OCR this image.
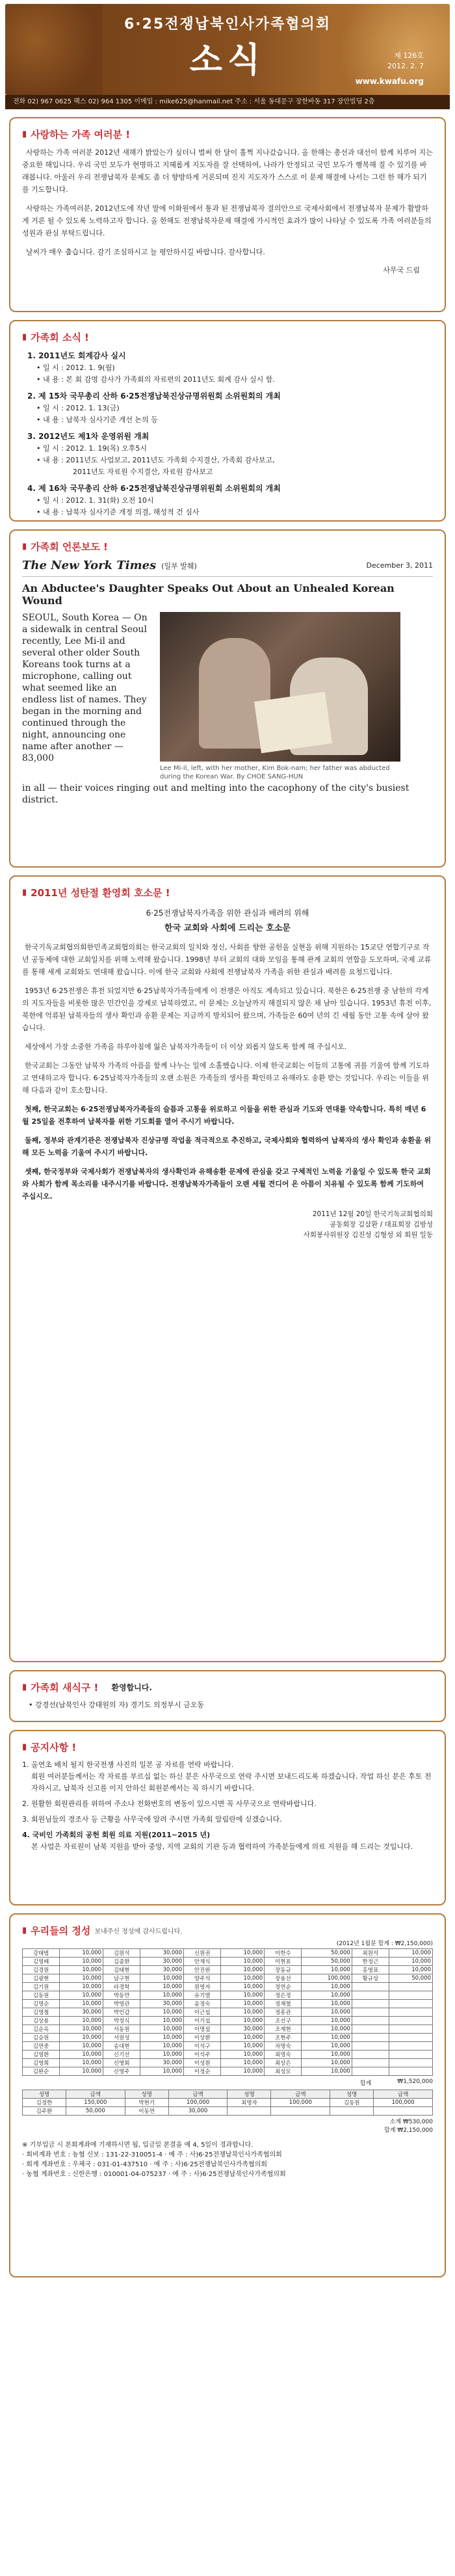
6·25전쟁납북인사가족협의회
소식	제 126호
2012. 2. 7
www.kwafu.org
전화 02) 967 0625 팩스 02) 964 1305 이메일 : mike625@hanmail.net 주소 : 서울 동대문구 장한바동 317 장안빌딩 2층
▮ 사랑하는 가족 여러분 !

사랑하는 가족 여러분 2012년 새해가 밝았는가 싶더니 벌써 한 달이 훌쩍 지나갔습니다. 올 한해는 총선과 대선이 함께 치루어 지는 중요한 해입니다. 우리 국민 모두가 현명하고 지혜롭게 지도자를 잘 선택하여, 나라가 안정되고 국민 모두가 행복해 질 수 있기를 바래봅니다. 아울러 우리 전쟁납북자 문제도 좀 더 향방하게 거론되며 진지 지도자가 스스로 이 문제 해결에 나서는 그런 한 해가 되기를 기도합니다.

사랑하는 가족여러분, 2012년도에 작년 말에 이화원에서 통과 된 전쟁납북자 결의안으로 국제사회에서 전쟁납북자 문제가 활발하게 거론 될 수 있도록 노력하고자 합니다. 올 한해도 전쟁납북자문제 해결에 가시적인 효과가 많이 나타날 수 있도록 가족 여러분들의 성원과 관심 부탁드립니다.

날씨가 매우 춥습니다. 감기 조심하시고 늘 평안하시길 바랍니다. 감사합니다.

사무국 드림
▮ 가족회 소식 !
1. 2011년도 회계감사 실시
• 일 시 : 2012. 1. 9(월)
• 내 용 : 본 회 감명 감사가 가족회의 자료편의 2011년도 회계 감사 실시 함.
2. 제 15차 국무총리 산하 6·25전쟁납북진상규명위원회 소위원회의 개최
• 일 시 : 2012. 1. 13(금)
• 내 용 : 납북자 심사기준 개선 논의 등
3. 2012년도 제1차 운영위원 개최
• 일 시 : 2012. 1. 19(목) 오후5시
• 내 용 : 2011년도 사업보고, 2011년도 가족회 수지결산, 가족회 감사보고,
2011년도 자료원 수지결산, 자료원 감사보고
4. 제 16차 국무총리 산하 6·25전쟁납북진상규명위원회 소위원회의 개최
• 일 시 : 2012. 1. 31(화) 오전 10시
• 내 용 : 납북자 심사기준 개정 의결, 해성적 건 심사
▮ 가족회 언론보도 !
The New York Times (일부 발췌)	December 3, 2011
An Abductee's Daughter Speaks Out About an Unhealed Korean Wound
SEOUL, South Korea — On a sidewalk in central Seoul recently, Lee Mi-il and several other older South Koreans took turns at a microphone, calling out what seemed like an endless list of names. They began in the morning and continued through the night, announcing one name after another — 83,000
Lee Mi-il, left, with her mother, Kim Bok-nam; her father was abducted during the Korean War. By CHOE SANG-HUN
in all — their voices ringing out and melting into the cacophony of the city's busiest district.
▮ 2011년 성탄절 환영회 호소문 !
6·25전쟁납북자가족을 위한 관심과 배려의 위해
한국 교회와 사회에 드리는 호소문

한국기독교회협의회한민족교회협의회는 한국교회의 일치와 정신, 사회를 향한 공헌을 실현을 위해 지원하는 15교단 연합기구로 작년 공동체에 대한 교회일치를 위해 노력해 왔습니다. 1998년 부터 교회의 대화 모임을 통해 관계 교회의 연합을 도모하며, 국제 교류를 통해 세계 교회와도 연대해 왔습니다. 이에 한국 교회와 사회에 전쟁납북자 가족을 위한 관심과 배려를 요청드립니다.

1953년 6·25전쟁은 휴전 되었지만 6·25납북자가족들에게 이 전쟁은 아직도 계속되고 있습니다. 북한은 6·25전쟁 중 남한의 각계의 지도자들을 비롯한 많은 민간인을 강제로 납북하였고, 이 문제는 오늘날까지 해결되지 않은 채 남아 있습니다. 1953년 휴전 이후, 북한에 억류된 납북자들의 생사 확인과 송환 문제는 지금까지 방치되어 왔으며, 가족들은 60여 년의 긴 세월 동안 고통 속에 살아 왔습니다.

세상에서 가장 소중한 가족을 하루아침에 잃은 납북자가족들이 더 이상 외롭지 않도록 함께 해 주십시오.

한국교회는 그동안 납북자 가족의 아픔을 함께 나누는 일에 소홀했습니다. 이제 한국교회는 이들의 고통에 귀를 기울여 함께 기도하고 연대하고자 합니다. 6·25납북자가족들의 오랜 소원은 가족들의 생사를 확인하고 유해라도 송환 받는 것입니다. 우리는 이들을 위해 다음과 같이 호소합니다.

첫째, 한국교회는 6·25전쟁납북자가족들의 슬픔과 고통을 위로하고 이들을 위한 관심과 기도와 연대를 약속합니다. 특히 매년 6월 25일을 전후하여 납북자를 위한 기도회를 열어 주시기 바랍니다.

둘째, 정부와 관계기관은 전쟁납북자 진상규명 작업을 적극적으로 추진하고, 국제사회와 협력하여 납북자의 생사 확인과 송환을 위해 모든 노력을 기울여 주시기 바랍니다.

셋째, 한국정부와 국제사회가 전쟁납북자의 생사확인과 유해송환 문제에 관심을 갖고 구체적인 노력을 기울일 수 있도록 한국 교회와 사회가 함께 목소리를 내주시기를 바랍니다. 전쟁납북자가족들이 오랜 세월 견디어 온 아픔이 치유될 수 있도록 함께 기도하여 주십시오.

2011년 12월 20일 한국기독교회협의회
공동회장 김삼환 / 대표회장 김방성
사회봉사위원장 김진성 김형성 외 회원 일동
▮ 가족회 새식구 ! 환영합니다.
• 강경선(납북인사 강태원의 자) 경기도 의정부시 금오동
▮ 공지사항 !
1. 올연초 배치 될지 한국전쟁 사진의 일본 공 자료를 연락 바랍니다.
회원 여러분들께서는 작 자료를 부르십 없는 하신 분은 사무국으로 연락 주시면 보내드리도록 하겠습니다. 작업 하신 분은 후토 전자하시고, 납북자 신고를 이지 안하신 회원분께서는 꼭 하시기 바랍니다.
2. 원활한 회원관리를 위하여 주소나 전화번호의 변동이 있으시면 꼭 사무국으로 연락바랍니다.
3. 회원님들의 경조사 등 근황을 사무국에 알려 주시면 가족회 알림란에 싣겠습니다.
4. 국비인 가족회의 공헌 회원 의료 지원(2011~2015 년)
본 사업은 자료원이 남북 지원을 받아 중앙, 지역 교회의 기관 등과 협력하여 가족분들에게 의료 지원을 해 드리는 것입니다.
▮ 우리들의 정성 보내주신 정성에 감사드립니다.
(2012년 1월분 합계 : ₩2,150,000)
강태범	10,000	김원석	30,000	신원권	10,000	이한수	50,000	최원석	10,000
김영배	10,000	김종환	30,000	안재식	10,000	이현표	50,000	한정근	10,000
김경원	10,000	김태현	30,000	안진완	10,000	장동규	10,000	홍영표	10,000
김광현	10,000	남구현	10,000	양주석	10,000	장용선	100,000	황규상	50,000
김기원	10,000	라경학	10,000	원영자	10,000	정연순	10,000		
김동원	10,000	박동만	10,000	유기열	10,000	정은정	10,000		
김명순	10,000	박영관	30,000	윤정숙	10,000	정재철	10,000		
김명철	30,000	박인갑	10,000	이근섭	10,000	정흥관	10,000		
김상용	10,000	박정식	10,000	이기섭	10,000	조선구	10,000		
김순옥	10,000	서동원	10,000	이명섭	30,000	조재현	10,000		
김승원	10,000	서원성	10,000	이상환	10,000	조현주	10,000		
김연중	10,000	송대현	10,000	이석구	10,000	차명숙	10,000		
김영환	10,000	신기선	10,000	이석주	10,000	최명숙	10,000		
김영희	10,000	신영회	30,000	이성원	10,000	최상은	10,000		
김완순	10,000	신영주	10,000	이정순	10,000	최성모	10,000		
합계	₩1,520,000
성명	금액	성명	금액	성명	금액	성명	금액
김정한	150,000	박현기	100,000	최명자	100,000	김동원	100,000
김주환	50,000	이동연	30,000				
소계 ₩530,000
합계 ₩2,150,000
※ 기부입금 시 본회계좌에 기재하시면 됩, 입금일 본결을 예 4, 5일이 경과합니다.
· 회비계좌 번호 : 농협 신보 : 131-22-310051-4 · 예 주 : 사)6·25전쟁납북인사가족협의회
· 회계 계좌번호 : 우체국 : 031-01-437510 · 예 주 : 사)6·25전쟁납북인사가족협의회
· 농협 계좌번호 : 신한은행 : 010001-04-075237 · 예 주 : 사)6·25전쟁납북인사가족협의회
